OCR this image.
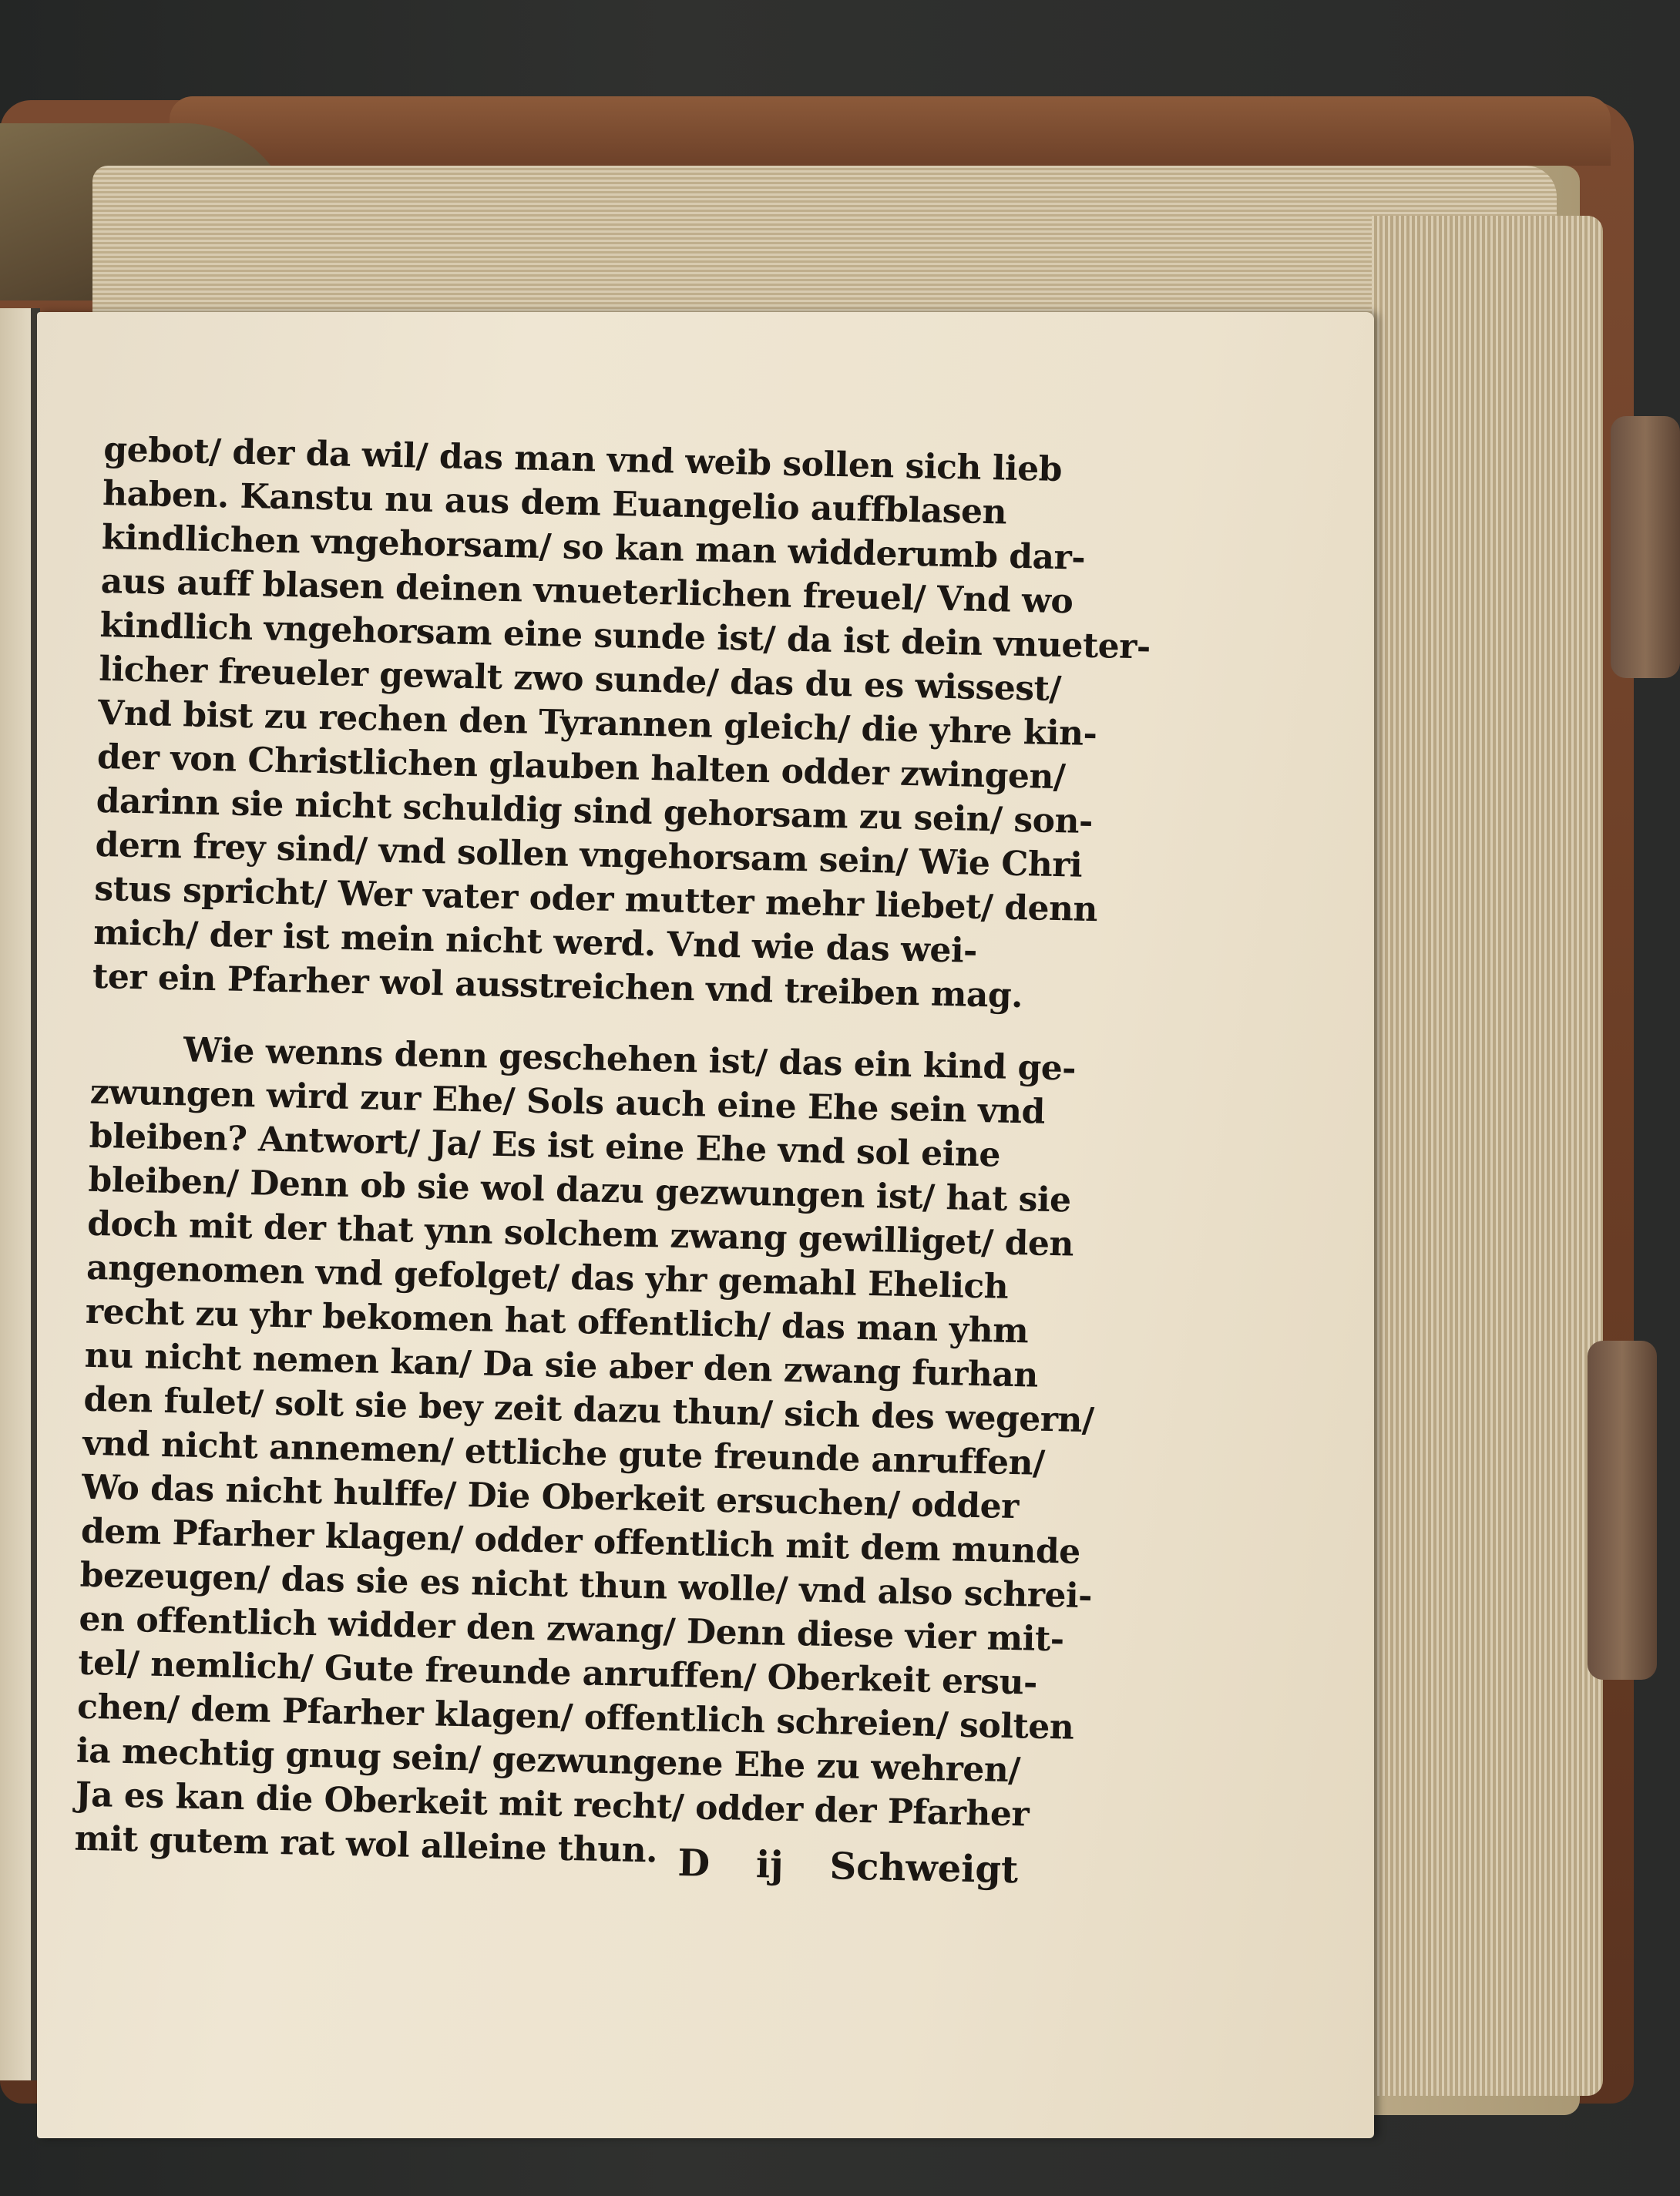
gebot/ der da wil/ das man vnd weib sollen sich lieb
haben. Kanstu nu aus dem Euangelio auffblasen
kindlichen vngehorsam/ so kan man widderumb dar-
aus auff blasen deinen vnueterlichen freuel/ Vnd wo
kindlich vngehorsam eine sunde ist/ da ist dein vnueter-
licher freueler gewalt zwo sunde/ das du es wissest/
Vnd bist zu rechen den Tyrannen gleich/ die yhre kin-
der von Christlichen glauben halten odder zwingen/
darinn sie nicht schuldig sind gehorsam zu sein/ son-
dern frey sind/ vnd sollen vngehorsam sein/ Wie Chri
stus spricht/ Wer vater oder mutter mehr liebet/ denn
mich/ der ist mein nicht werd. Vnd wie das wei-
ter ein Pfarher wol ausstreichen vnd treiben mag.
Wie wenns denn geschehen ist/ das ein kind ge-
zwungen wird zur Ehe/ Sols auch eine Ehe sein vnd
bleiben? Antwort/ Ja/ Es ist eine Ehe vnd sol eine
bleiben/ Denn ob sie wol dazu gezwungen ist/ hat sie
doch mit der that ynn solchem zwang gewilliget/ den
angenomen vnd gefolget/ das yhr gemahl Ehelich
recht zu yhr bekomen hat offentlich/ das man yhm
nu nicht nemen kan/ Da sie aber den zwang furhan
den fulet/ solt sie bey zeit dazu thun/ sich des wegern/
vnd nicht annemen/ ettliche gute freunde anruffen/
Wo das nicht hulffe/ Die Oberkeit ersuchen/ odder
dem Pfarher klagen/ odder offentlich mit dem munde
bezeugen/ das sie es nicht thun wolle/ vnd also schrei-
en offentlich widder den zwang/ Denn diese vier mit-
tel/ nemlich/ Gute freunde anruffen/ Oberkeit ersu-
chen/ dem Pfarher klagen/ offentlich schreien/ solten
ia mechtig gnug sein/ gezwungene Ehe zu wehren/
Ja es kan die Oberkeit mit recht/ odder der Pfarher
mit gutem rat wol alleine thun. D ij Schweigt
